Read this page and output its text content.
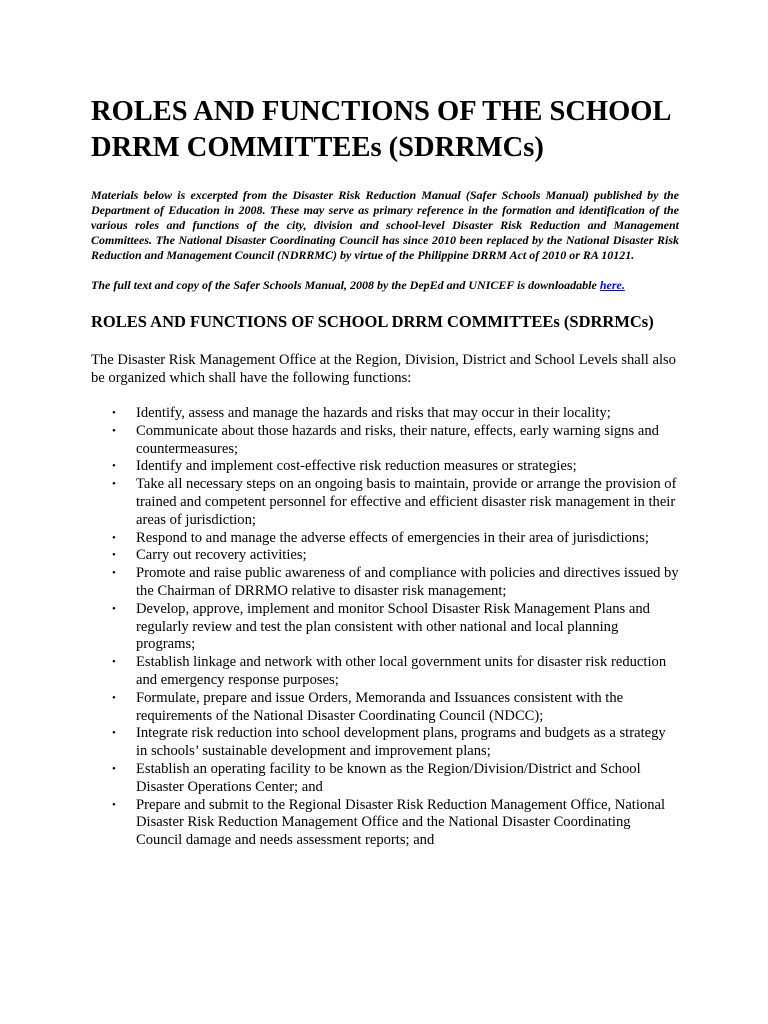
ROLES AND FUNCTIONS OF THE SCHOOL DRRM COMMITTEEs (SDRRMCs)

Materials below is excerpted from the Disaster Risk Reduction Manual (Safer Schools Manual) published by the Department of Education in 2008. These may serve as primary reference in the formation and identification of the various roles and functions of the city, division and school-level Disaster Risk Reduction and Management Committees. The National Disaster Coordinating Council has since 2010 been replaced by the National Disaster Risk Reduction and Management Council (NDRRMC) by virtue of the Philippine DRRM Act of 2010 or RA 10121.

The full text and copy of the Safer Schools Manual, 2008 by the DepEd and UNICEF is downloadable here.

ROLES AND FUNCTIONS OF SCHOOL DRRM COMMITTEEs (SDRRMCs)

The Disaster Risk Management Office at the Region, Division, District and School Levels shall also be organized which shall have the following functions:

• Identify, assess and manage the hazards and risks that may occur in their locality;
• Communicate about those hazards and risks, their nature, effects, early warning signs and countermeasures;
• Identify and implement cost-effective risk reduction measures or strategies;
• Take all necessary steps on an ongoing basis to maintain, provide or arrange the provision of trained and competent personnel for effective and efficient disaster risk management in their areas of jurisdiction;
• Respond to and manage the adverse effects of emergencies in their area of jurisdictions;
• Carry out recovery activities;
• Promote and raise public awareness of and compliance with policies and directives issued by the Chairman of DRRMO relative to disaster risk management;
• Develop, approve, implement and monitor School Disaster Risk Management Plans and regularly review and test the plan consistent with other national and local planning programs;
• Establish linkage and network with other local government units for disaster risk reduction and emergency response purposes;
• Formulate, prepare and issue Orders, Memoranda and Issuances consistent with the requirements of the National Disaster Coordinating Council (NDCC);
• Integrate risk reduction into school development plans, programs and budgets as a strategy in schools’ sustainable development and improvement plans;
• Establish an operating facility to be known as the Region/Division/District and School Disaster Operations Center; and
• Prepare and submit to the Regional Disaster Risk Reduction Management Office, National Disaster Risk Reduction Management Office and the National Disaster Coordinating Council damage and needs assessment reports; and
